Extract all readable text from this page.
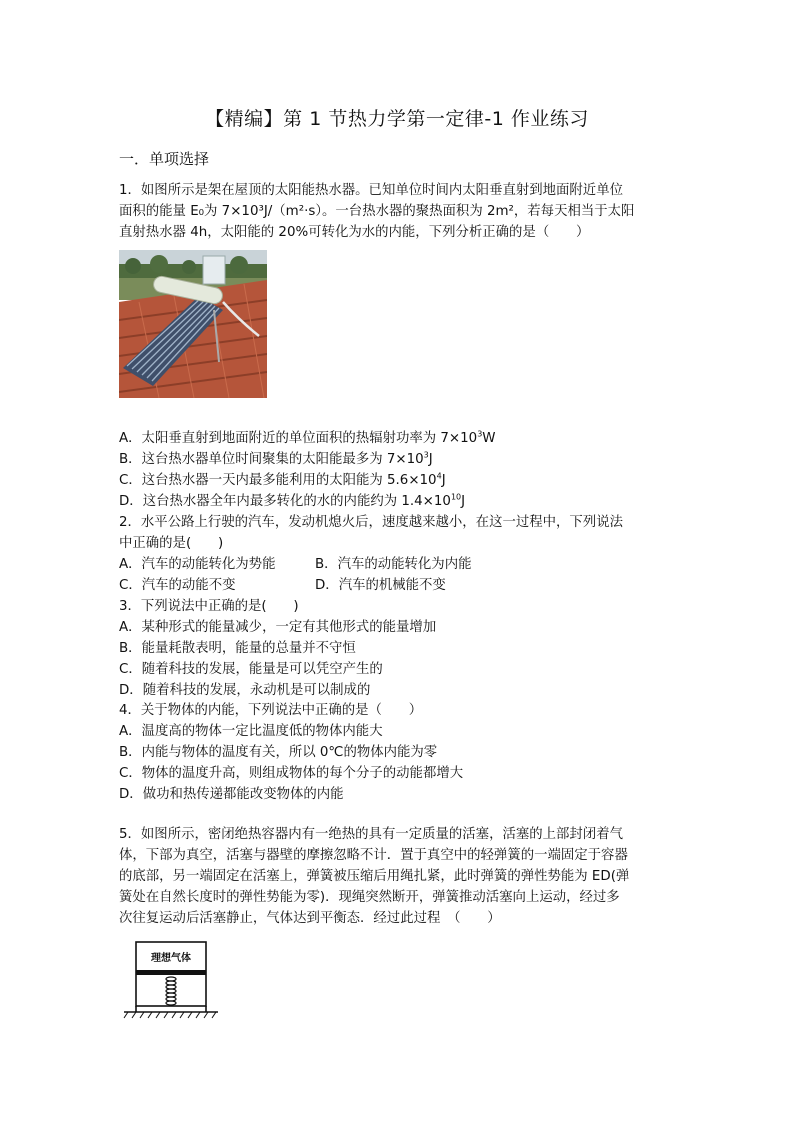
【精编】第 1 节热力学第一定律-1 作业练习
一．单项选择
1．如图所示是架在屋顶的太阳能热水器。已知单位时间内太阳垂直射到地面附近单位
面积的能量 E₀为 7×10³J/（m²·s）。一台热水器的聚热面积为 2m²，若每天相当于太阳
直射热水器 4h，太阳能的 20%可转化为水的内能，下列分析正确的是（　　）
A．太阳垂直射到地面附近的单位面积的热辐射功率为 $7\times 10^3W$
B．这台热水器单位时间聚集的太阳能最多为 $7\times 10^3J$
C．这台热水器一天内最多能利用的太阳能为 $5.6\times 10^4J$
D．这台热水器全年内最多转化的水的内能约为 $1.4\times 10^{10}J$
2．水平公路上行驶的汽车，发动机熄火后，速度越来越小，在这一过程中，下列说法
中正确的是(　　)
A．汽车的动能转化为势能	B．汽车的动能转化为内能
C．汽车的动能不变	D．汽车的机械能不变
3．下列说法中正确的是(　　)
A．某种形式的能量减少，一定有其他形式的能量增加
B．能量耗散表明，能量的总量并不守恒
C．随着科技的发展，能量是可以凭空产生的
D．随着科技的发展，永动机是可以制成的
4．关于物体的内能，下列说法中正确的是（　　）
A．温度高的物体一定比温度低的物体内能大
B．内能与物体的温度有关，所以 0℃的物体内能为零
C．物体的温度升高，则组成物体的每个分子的动能都增大
D．做功和热传递都能改变物体的内能
5．如图所示，密闭绝热容器内有一绝热的具有一定质量的活塞，活塞的上部封闭着气
体，下部为真空，活塞与器壁的摩擦忽略不计．置于真空中的轻弹簧的一端固定于容器
的底部，另一端固定在活塞上，弹簧被压缩后用绳扎紧，此时弹簧的弹性势能为 ED(弹
簧处在自然长度时的弹性势能为零)．现绳突然断开，弹簧推动活塞向上运动，经过多
次往复运动后活塞静止，气体达到平衡态．经过此过程　（　　）
理想气体
